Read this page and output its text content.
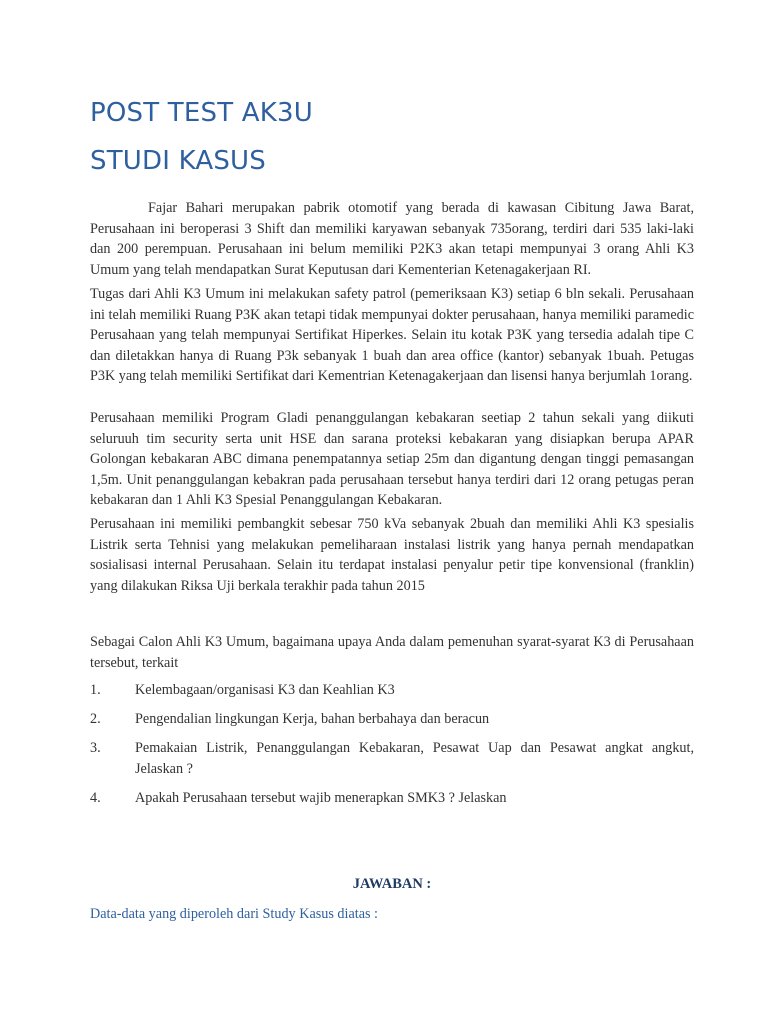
POST TEST AK3U
STUDI KASUS

Fajar Bahari merupakan pabrik otomotif yang berada di kawasan Cibitung Jawa Barat, Perusahaan ini beroperasi 3 Shift dan memiliki karyawan sebanyak 735orang, terdiri dari 535 laki-laki dan 200 perempuan. Perusahaan ini belum memiliki P2K3 akan tetapi mempunyai 3 orang Ahli K3 Umum yang telah mendapatkan Surat Keputusan dari Kementerian Ketenagakerjaan RI.

Tugas dari Ahli K3 Umum ini melakukan safety patrol (pemeriksaan K3) setiap 6 bln sekali. Perusahaan ini telah memiliki Ruang P3K akan tetapi tidak mempunyai dokter perusahaan, hanya memiliki paramedic Perusahaan yang telah mempunyai Sertifikat Hiperkes. Selain itu kotak P3K yang tersedia adalah tipe C dan diletakkan hanya di Ruang P3k sebanyak 1 buah dan area office (kantor) sebanyak 1buah. Petugas P3K yang telah memiliki Sertifikat dari Kementrian Ketenagakerjaan dan lisensi hanya berjumlah 1orang.

Perusahaan memiliki Program Gladi penanggulangan kebakaran seetiap 2 tahun sekali yang diikuti seluruuh tim security serta unit HSE dan sarana proteksi kebakaran yang disiapkan berupa APAR Golongan kebakaran ABC dimana penempatannya setiap 25m dan digantung dengan tinggi pemasangan 1,5m. Unit penanggulangan kebakran pada perusahaan tersebut hanya terdiri dari 12 orang petugas peran kebakaran dan 1 Ahli K3 Spesial Penanggulangan Kebakaran.

Perusahaan ini memiliki pembangkit sebesar 750 kVa sebanyak 2buah dan memiliki Ahli K3 spesialis Listrik serta Tehnisi yang melakukan pemeliharaan instalasi listrik yang hanya pernah mendapatkan sosialisasi internal Perusahaan. Selain itu terdapat instalasi penyalur petir tipe konvensional (franklin) yang dilakukan Riksa Uji berkala terakhir pada tahun 2015

Sebagai Calon Ahli K3 Umum, bagaimana upaya Anda dalam pemenuhan syarat-syarat K3 di Perusahaan tersebut, terkait

1.	Kelembagaan/organisasi K3 dan Keahlian K3
2.	Pengendalian lingkungan Kerja, bahan berbahaya dan beracun
3.	Pemakaian Listrik, Penanggulangan Kebakaran, Pesawat Uap dan Pesawat angkat angkut, Jelaskan ?
4.	Apakah Perusahaan tersebut wajib menerapkan SMK3 ? Jelaskan

JAWABAN :

Data-data yang diperoleh dari Study Kasus diatas :
